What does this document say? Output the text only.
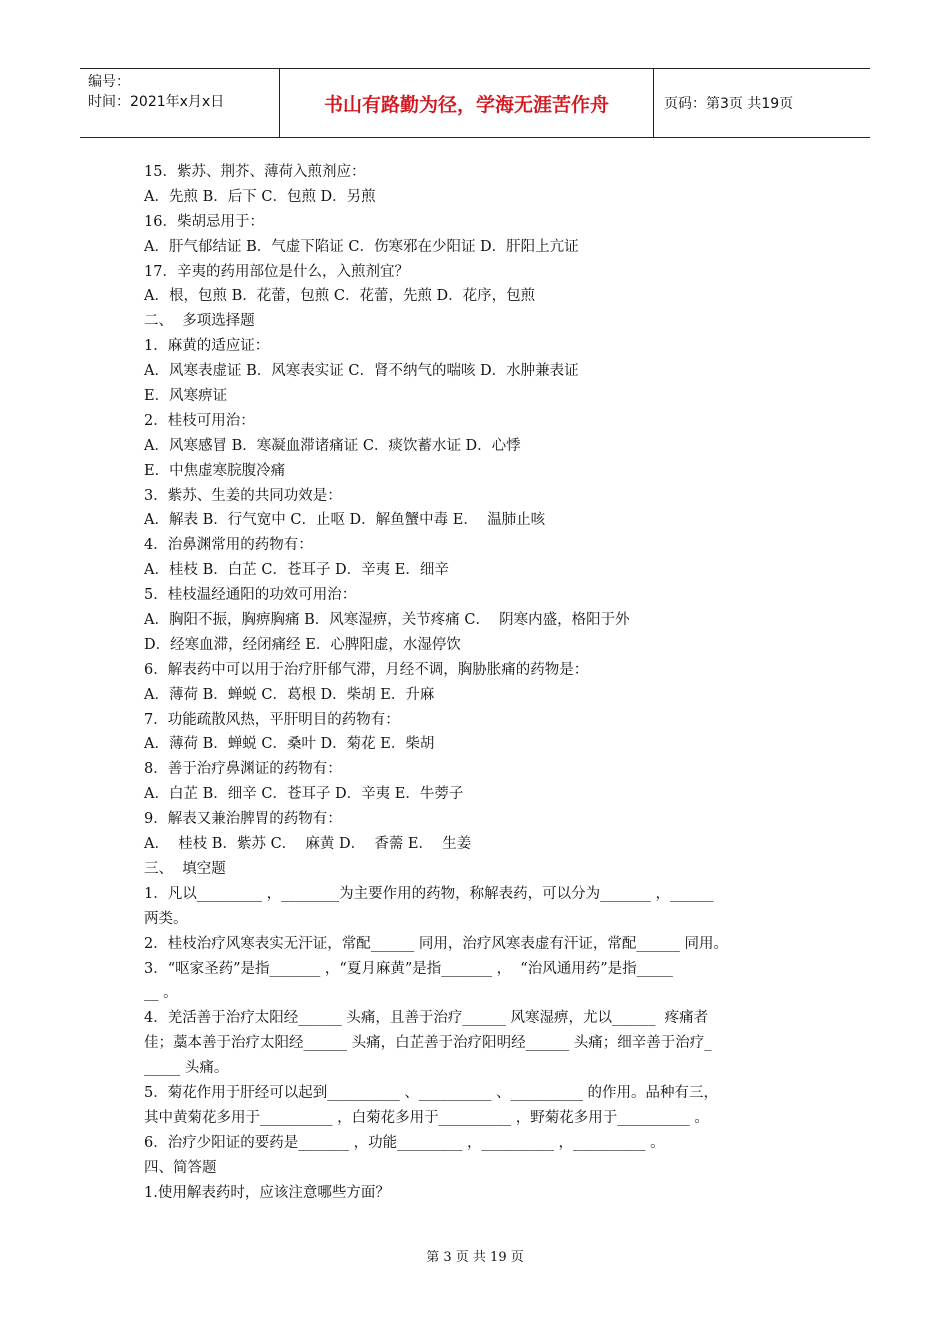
编号：
时间：2021年x月x日	书山有路勤为径，学海无涯苦作舟	页码：第3页 共19页
15．紫苏、荆芥、薄荷入煎剂应：
A．先煎 B．后下 C．包煎 D．另煎
16．柴胡忌用于：
A．肝气郁结证 B．气虚下陷证 C．伤寒邪在少阳证 D．肝阳上亢证
17．辛夷的药用部位是什么，入煎剂宜？
A．根，包煎 B．花蕾，包煎 C．花蕾，先煎 D．花序，包煎
二、  多项选择题
1．麻黄的适应证：
A．风寒表虚证 B．风寒表实证 C．肾不纳气的喘咳 D．水肿兼表证
E．风寒痹证
2．桂枝可用治：
A．风寒感冒 B．寒凝血滞诸痛证 C．痰饮蓄水证 D．心悸
E．中焦虚寒脘腹冷痛
3．紫苏、生姜的共同功效是：
A．解表 B．行气宽中 C．止呕 D．解鱼蟹中毒 E．  温肺止咳
4．治鼻渊常用的药物有：
A．桂枝 B．白芷 C．苍耳子 D．辛夷 E．细辛
5．桂枝温经通阳的功效可用治：
A．胸阳不振，胸痹胸痛 B．风寒湿痹，关节疼痛 C．  阴寒内盛，格阳于外
D．经寒血滞，经闭痛经 E．心脾阳虚，水湿停饮
6．解表药中可以用于治疗肝郁气滞，月经不调，胸胁胀痛的药物是：
A．薄荷 B．蝉蜕 C．葛根 D．柴胡 E．升麻
7．功能疏散风热，平肝明目的药物有：
A．薄荷 B．蝉蜕 C．桑叶 D．菊花 E．柴胡
8．善于治疗鼻渊证的药物有：
A．白芷 B．细辛 C．苍耳子 D．辛夷 E．牛蒡子
9．解表又兼治脾胃的药物有：
A．  桂枝 B．紫苏 C．  麻黄 D．  香薷 E．  生姜
三、  填空题
1．凡以_________ ，________为主要作用的药物，称解表药，可以分为_______ ，______
两类。
2．桂枝治疗风寒表实无汗证，常配______ 同用，治疗风寒表虚有汗证，常配______ 同用。
3．“呕家圣药”是指_______ ，“夏月麻黄”是指_______ ，  “治风通用药”是指_____
__ 。
4．羌活善于治疗太阳经______ 头痛，且善于治疗______ 风寒湿痹，尤以______  疼痛者
佳；藁本善于治疗太阳经______ 头痛，白芷善于治疗阳明经______ 头痛；细辛善于治疗_
_____ 头痛。
5．菊花作用于肝经可以起到__________ 、__________ 、__________ 的作用。品种有三，
其中黄菊花多用于__________ ，白菊花多用于__________ ，野菊花多用于__________ 。
6．治疗少阳证的要药是_______ ，功能_________ ，__________ ，__________ 。
四、简答题
1.使用解表药时，应该注意哪些方面？
第 3 页 共 19 页
